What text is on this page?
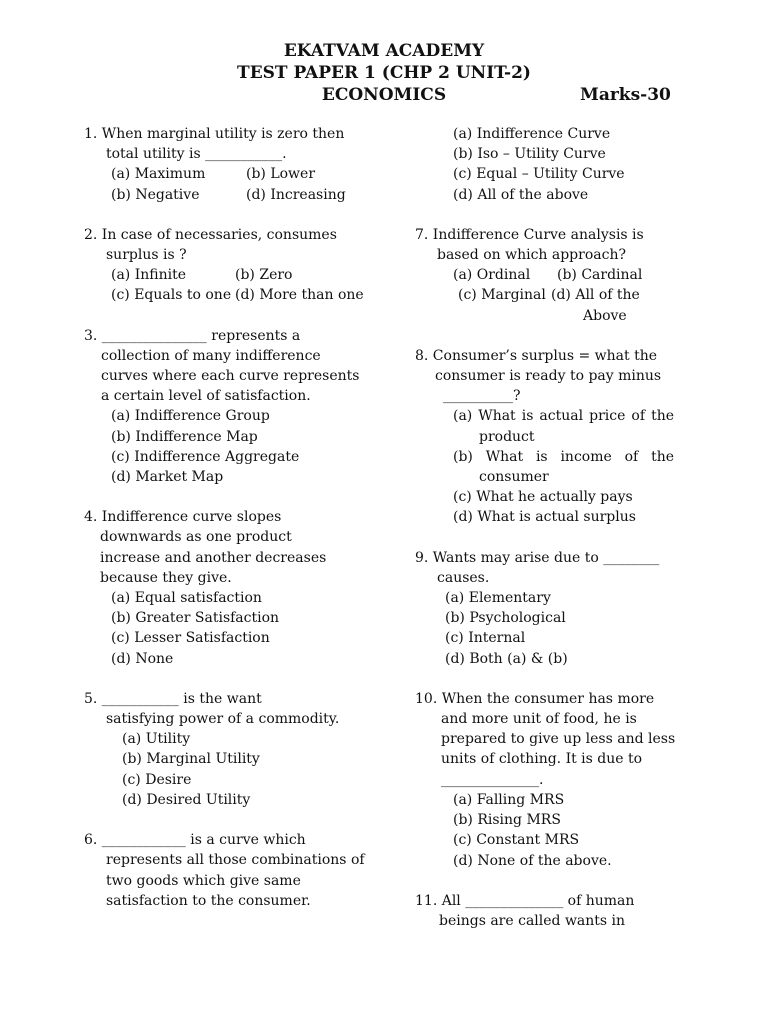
EKATVAM ACADEMY
TEST PAPER 1 (CHP 2 UNIT-2)
ECONOMICS	Marks-30
1. When marginal utility is zero then
total utility is ___________.
(a) Maximum	(b) Lower
(b) Negative	(d) Increasing
2. In case of necessaries, consumes
surplus is ?
(a) Infinite	(b) Zero
(c) Equals to one (d) More than one
3. _______________ represents a
collection of many indifference
curves where each curve represents
a certain level of satisfaction.
(a) Indifference Group
(b) Indifference Map
(c) Indifference Aggregate
(d) Market Map
4. Indifference curve slopes
downwards as one product
increase and another decreases
because they give.
(a) Equal satisfaction
(b) Greater Satisfaction
(c) Lesser Satisfaction
(d) None
5. ___________ is the want
satisfying power of a commodity.
(a) Utility
(b) Marginal Utility
(c) Desire
(d) Desired Utility
6. ____________ is a curve which
represents all those combinations of
two goods which give same
satisfaction to the consumer.
(a) Indifference Curve
(b) Iso – Utility Curve
(c) Equal – Utility Curve
(d) All of the above
7. Indifference Curve analysis is
based on which approach?
(a) Ordinal (b) Cardinal
(c) Marginal (d) All of the
Above
8. Consumer’s surplus = what the
consumer is ready to pay minus
__________?
(a) What is actual price of the
product
(b) What is income of the
consumer
(c) What he actually pays
(d) What is actual surplus
9. Wants may arise due to ________
causes.
(a) Elementary
(b) Psychological
(c) Internal
(d) Both (a) & (b)
10. When the consumer has more
and more unit of food, he is
prepared to give up less and less
units of clothing. It is due to
______________.
(a) Falling MRS
(b) Rising MRS
(c) Constant MRS
(d) None of the above.
11. All ______________ of human
beings are called wants in
